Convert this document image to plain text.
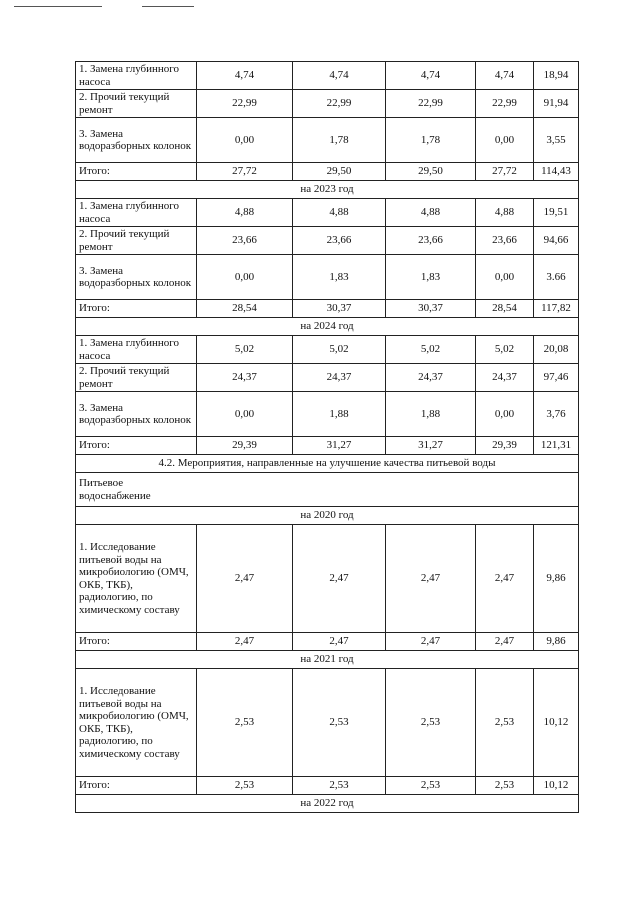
1. Замена глубинного насоса	4,74	4,74	4,74	4,74	18,94
2. Прочий текущий ремонт	22,99	22,99	22,99	22,99	91,94
3. Замена водоразборных колонок	0,00	1,78	1,78	0,00	3,55
Итого:	27,72	29,50	29,50	27,72	114,43
на 2023 год					
1. Замена глубинного насоса	4,88	4,88	4,88	4,88	19,51
2. Прочий текущий ремонт	23,66	23,66	23,66	23,66	94,66
3. Замена водоразборных колонок	0,00	1,83	1,83	0,00	3.66
Итого:	28,54	30,37	30,37	28,54	117,82
на 2024 год					
1. Замена глубинного насоса	5,02	5,02	5,02	5,02	20,08
2. Прочий текущий ремонт	24,37	24,37	24,37	24,37	97,46
3. Замена водоразборных колонок	0,00	1,88	1,88	0,00	3,76
Итого:	29,39	31,27	31,27	29,39	121,31
4.2. Мероприятия, направленные на улучшение качества питьевой воды					
Питьевое водоснабжение					
на 2020 год					
1. Исследование питьевой воды на микробиологию (ОМЧ, ОКБ, ТКБ), радиологию, по химическому составу	2,47	2,47	2,47	2,47	9,86
Итого:	2,47	2,47	2,47	2,47	9,86
на 2021 год					
1. Исследование питьевой воды на микробиологию (ОМЧ, ОКБ, ТКБ), радиологию, по химическому составу	2,53	2,53	2,53	2,53	10,12
Итого:	2,53	2,53	2,53	2,53	10,12
на 2022 год					
